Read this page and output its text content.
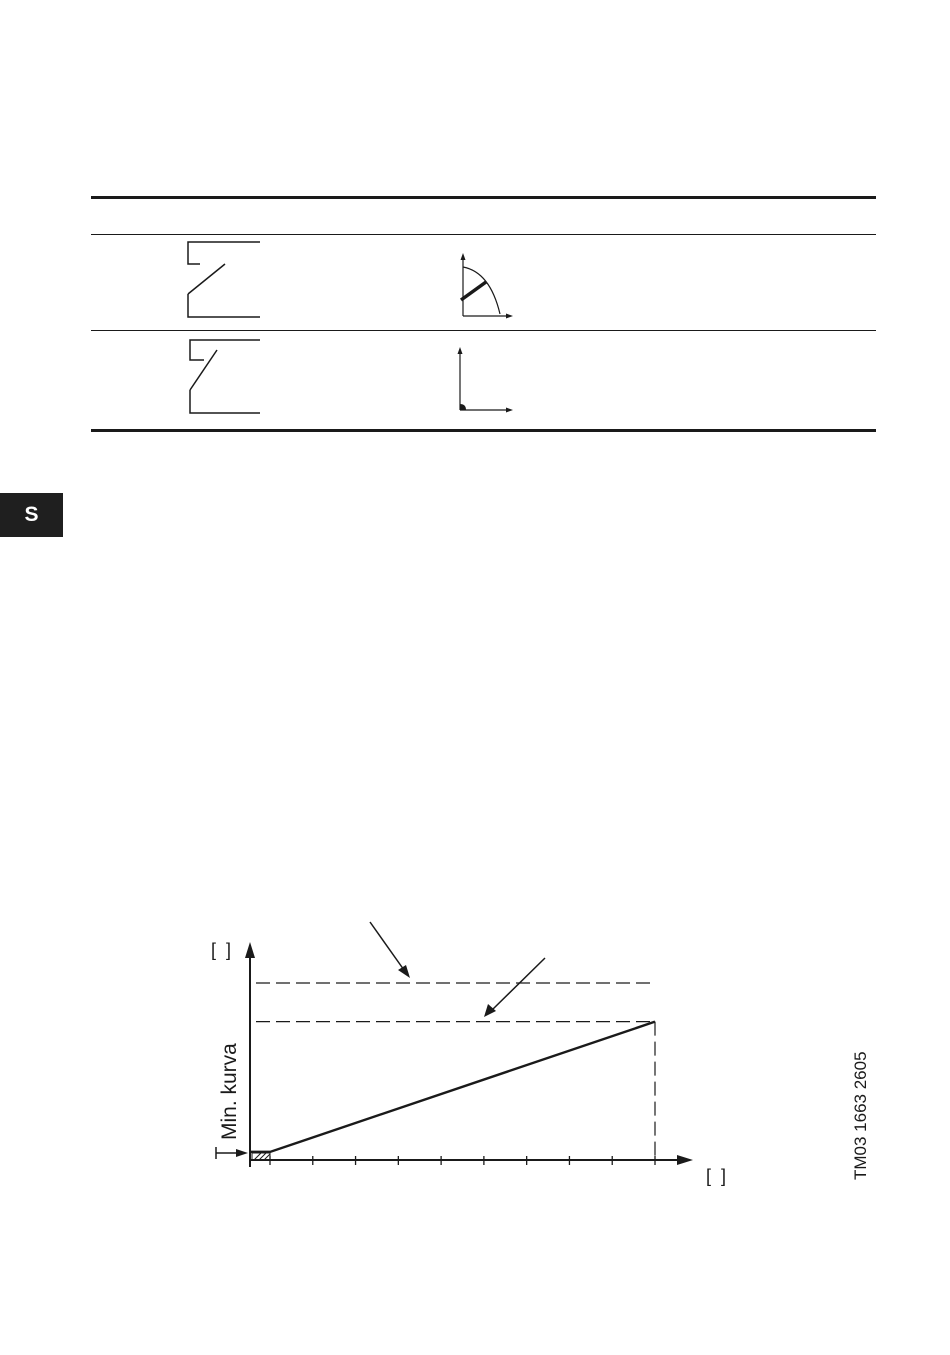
S
[  ]
[  ]
Min. kurva	TM03 1663 2605
